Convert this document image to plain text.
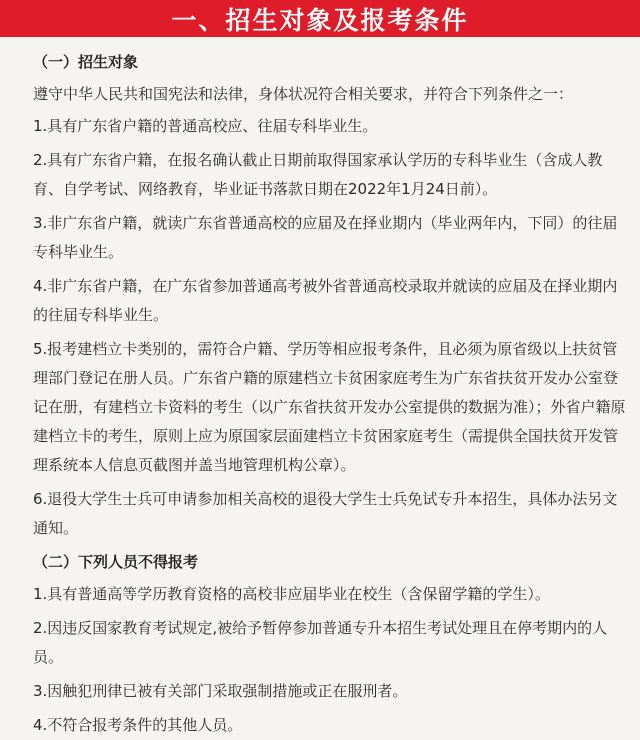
一、招生对象及报考条件

（一）招生对象

遵守中华人民共和国宪法和法律，身体状况符合相关要求，并符合下列条件之一：

1.具有广东省户籍的普通高校应、往届专科毕业生。

2.具有广东省户籍，在报名确认截止日期前取得国家承认学历的专科毕业生（含成人教育、自学考试、网络教育，毕业证书落款日期在2022年1月24日前）。

3.非广东省户籍，就读广东省普通高校的应届及在择业期内（毕业两年内，下同）的往届专科毕业生。

4.非广东省户籍，在广东省参加普通高考被外省普通高校录取并就读的应届及在择业期内的往届专科毕业生。

5.报考建档立卡类别的，需符合户籍、学历等相应报考条件，且必须为原省级以上扶贫管理部门登记在册人员。广东省户籍的原建档立卡贫困家庭考生为广东省扶贫开发办公室登记在册，有建档立卡资料的考生（以广东省扶贫开发办公室提供的数据为准）；外省户籍原建档立卡的考生，原则上应为原国家层面建档立卡贫困家庭考生（需提供全国扶贫开发管理系统本人信息页截图并盖当地管理机构公章）。

6.退役大学生士兵可申请参加相关高校的退役大学生士兵免试专升本招生，具体办法另文通知。

（二）下列人员不得报考

1.具有普通高等学历教育资格的高校非应届毕业在校生（含保留学籍的学生）。

2.因违反国家教育考试规定,被给予暂停参加普通专升本招生考试处理且在停考期内的人员。

3.因触犯刑律已被有关部门采取强制措施或正在服刑者。

4.不符合报考条件的其他人员。
